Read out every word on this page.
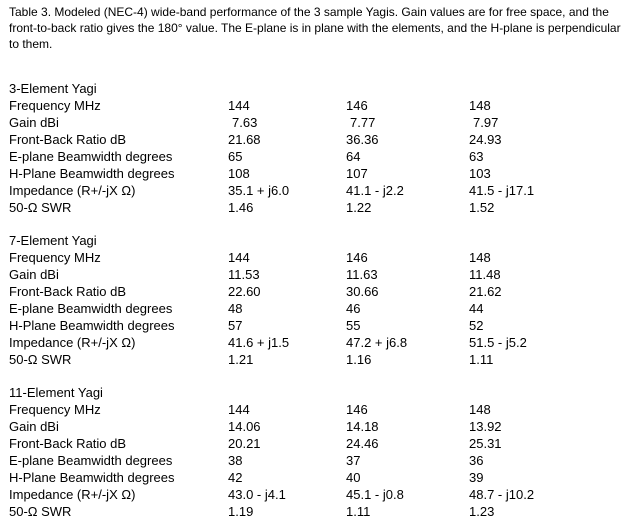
Table 3. Modeled (NEC-4) wide-band performance of the 3 sample Yagis. Gain values are for free space, and the front-to-back ratio gives the 180° value. The E-plane is in plane with the elements, and the H-plane is perpendicular to them.

3-Element Yagi
Frequency MHz	144	146	148
Gain dBi	7.63	7.77	7.97
Front-Back Ratio dB	21.68	36.36	24.93
E-plane Beamwidth degrees	65	64	63
H-Plane Beamwidth degrees	108	107	103
Impedance (R+/-jX Ω)	35.1 + j6.0	41.1 - j2.2	41.5 - j17.1
50-Ω SWR	1.46	1.22	1.52
7-Element Yagi
Frequency MHz	144	146	148
Gain dBi	11.53	11.63	11.48
Front-Back Ratio dB	22.60	30.66	21.62
E-plane Beamwidth degrees	48	46	44
H-Plane Beamwidth degrees	57	55	52
Impedance (R+/-jX Ω)	41.6 + j1.5	47.2 + j6.8	51.5 - j5.2
50-Ω SWR	1.21	1.16	1.11
11-Element Yagi
Frequency MHz	144	146	148
Gain dBi	14.06	14.18	13.92
Front-Back Ratio dB	20.21	24.46	25.31
E-plane Beamwidth degrees	38	37	36
H-Plane Beamwidth degrees	42	40	39
Impedance (R+/-jX Ω)	43.0 - j4.1	45.1 - j0.8	48.7 - j10.2
50-Ω SWR	1.19	1.11	1.23
